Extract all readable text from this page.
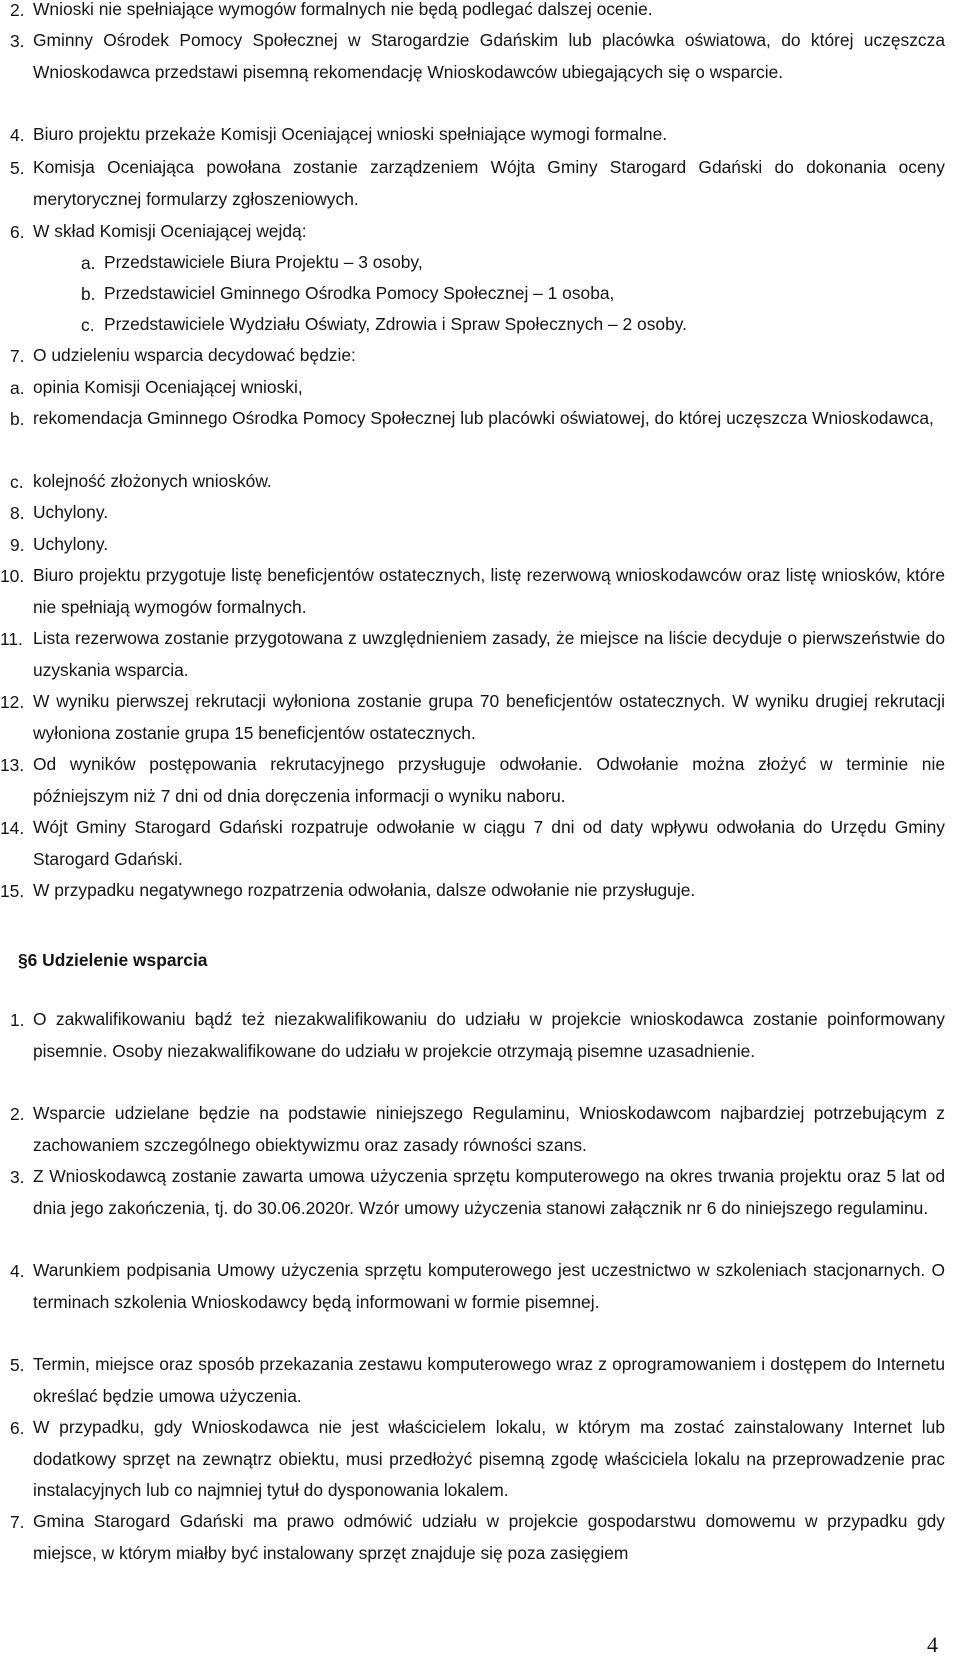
2. Wnioski nie spełniające wymogów formalnych nie będą podlegać dalszej ocenie.
3. Gminny Ośrodek Pomocy Społecznej w Starogardzie Gdańskim lub placówka oświatowa, do której uczęszcza Wnioskodawca przedstawi pisemną rekomendację Wnioskodawców ubiegających się o wsparcie.
4. Biuro projektu przekaże Komisji Oceniającej wnioski spełniające wymogi formalne.
5. Komisja Oceniająca powołana zostanie zarządzeniem Wójta Gminy Starogard Gdański do dokonania oceny merytorycznej formularzy zgłoszeniowych.
6. W skład Komisji Oceniającej wejdą:
a. Przedstawiciele Biura Projektu – 3 osoby,
b. Przedstawiciel Gminnego Ośrodka Pomocy Społecznej – 1 osoba,
c. Przedstawiciele Wydziału Oświaty, Zdrowia i Spraw Społecznych – 2 osoby.
7. O udzieleniu wsparcia decydować będzie:
a. opinia Komisji Oceniającej wnioski,
b. rekomendacja Gminnego Ośrodka Pomocy Społecznej lub placówki oświatowej, do której uczęszcza Wnioskodawca,
c. kolejność złożonych wniosków.
8. Uchylony.
9. Uchylony.
10. Biuro projektu przygotuje listę beneficjentów ostatecznych, listę rezerwową wnioskodawców oraz listę wniosków, które nie spełniają wymogów formalnych.
11. Lista rezerwowa zostanie przygotowana z uwzględnieniem zasady, że miejsce na liście decyduje o pierwszeństwie do uzyskania wsparcia.
12. W wyniku pierwszej rekrutacji wyłoniona zostanie grupa 70 beneficjentów ostatecznych. W wyniku drugiej rekrutacji wyłoniona zostanie grupa 15 beneficjentów ostatecznych.
13. Od wyników postępowania rekrutacyjnego przysługuje odwołanie. Odwołanie można złożyć w terminie nie późniejszym niż 7 dni od dnia doręczenia informacji o wyniku naboru.
14. Wójt Gminy Starogard Gdański rozpatruje odwołanie w ciągu 7 dni od daty wpływu odwołania do Urzędu Gminy Starogard Gdański.
15. W przypadku negatywnego rozpatrzenia odwołania, dalsze odwołanie nie przysługuje.
§6 Udzielenie wsparcia
1. O zakwalifikowaniu bądź też niezakwalifikowaniu do udziału w projekcie wnioskodawca zostanie poinformowany pisemnie. Osoby niezakwalifikowane do udziału w projekcie otrzymają pisemne uzasadnienie.
2. Wsparcie udzielane będzie na podstawie niniejszego Regulaminu, Wnioskodawcom najbardziej potrzebującym z zachowaniem szczególnego obiektywizmu oraz zasady równości szans.
3. Z Wnioskodawcą zostanie zawarta umowa użyczenia sprzętu komputerowego na okres trwania projektu oraz 5 lat od dnia jego zakończenia, tj. do 30.06.2020r. Wzór umowy użyczenia stanowi załącznik nr 6 do niniejszego regulaminu.
4. Warunkiem podpisania Umowy użyczenia sprzętu komputerowego jest uczestnictwo w szkoleniach stacjonarnych. O terminach szkolenia Wnioskodawcy będą informowani w formie pisemnej.
5. Termin, miejsce oraz sposób przekazania zestawu komputerowego wraz z oprogramowaniem i dostępem do Internetu określać będzie umowa użyczenia.
6. W przypadku, gdy Wnioskodawca nie jest właścicielem lokalu, w którym ma zostać zainstalowany Internet lub dodatkowy sprzęt na zewnątrz obiektu, musi przedłożyć pisemną zgodę właściciela lokalu na przeprowadzenie prac instalacyjnych lub co najmniej tytuł do dysponowania lokalem.
7. Gmina Starogard Gdański ma prawo odmówić udziału w projekcie gospodarstwu domowemu w przypadku gdy miejsce, w którym miałby być instalowany sprzęt znajduje się poza zasięgiem
4
